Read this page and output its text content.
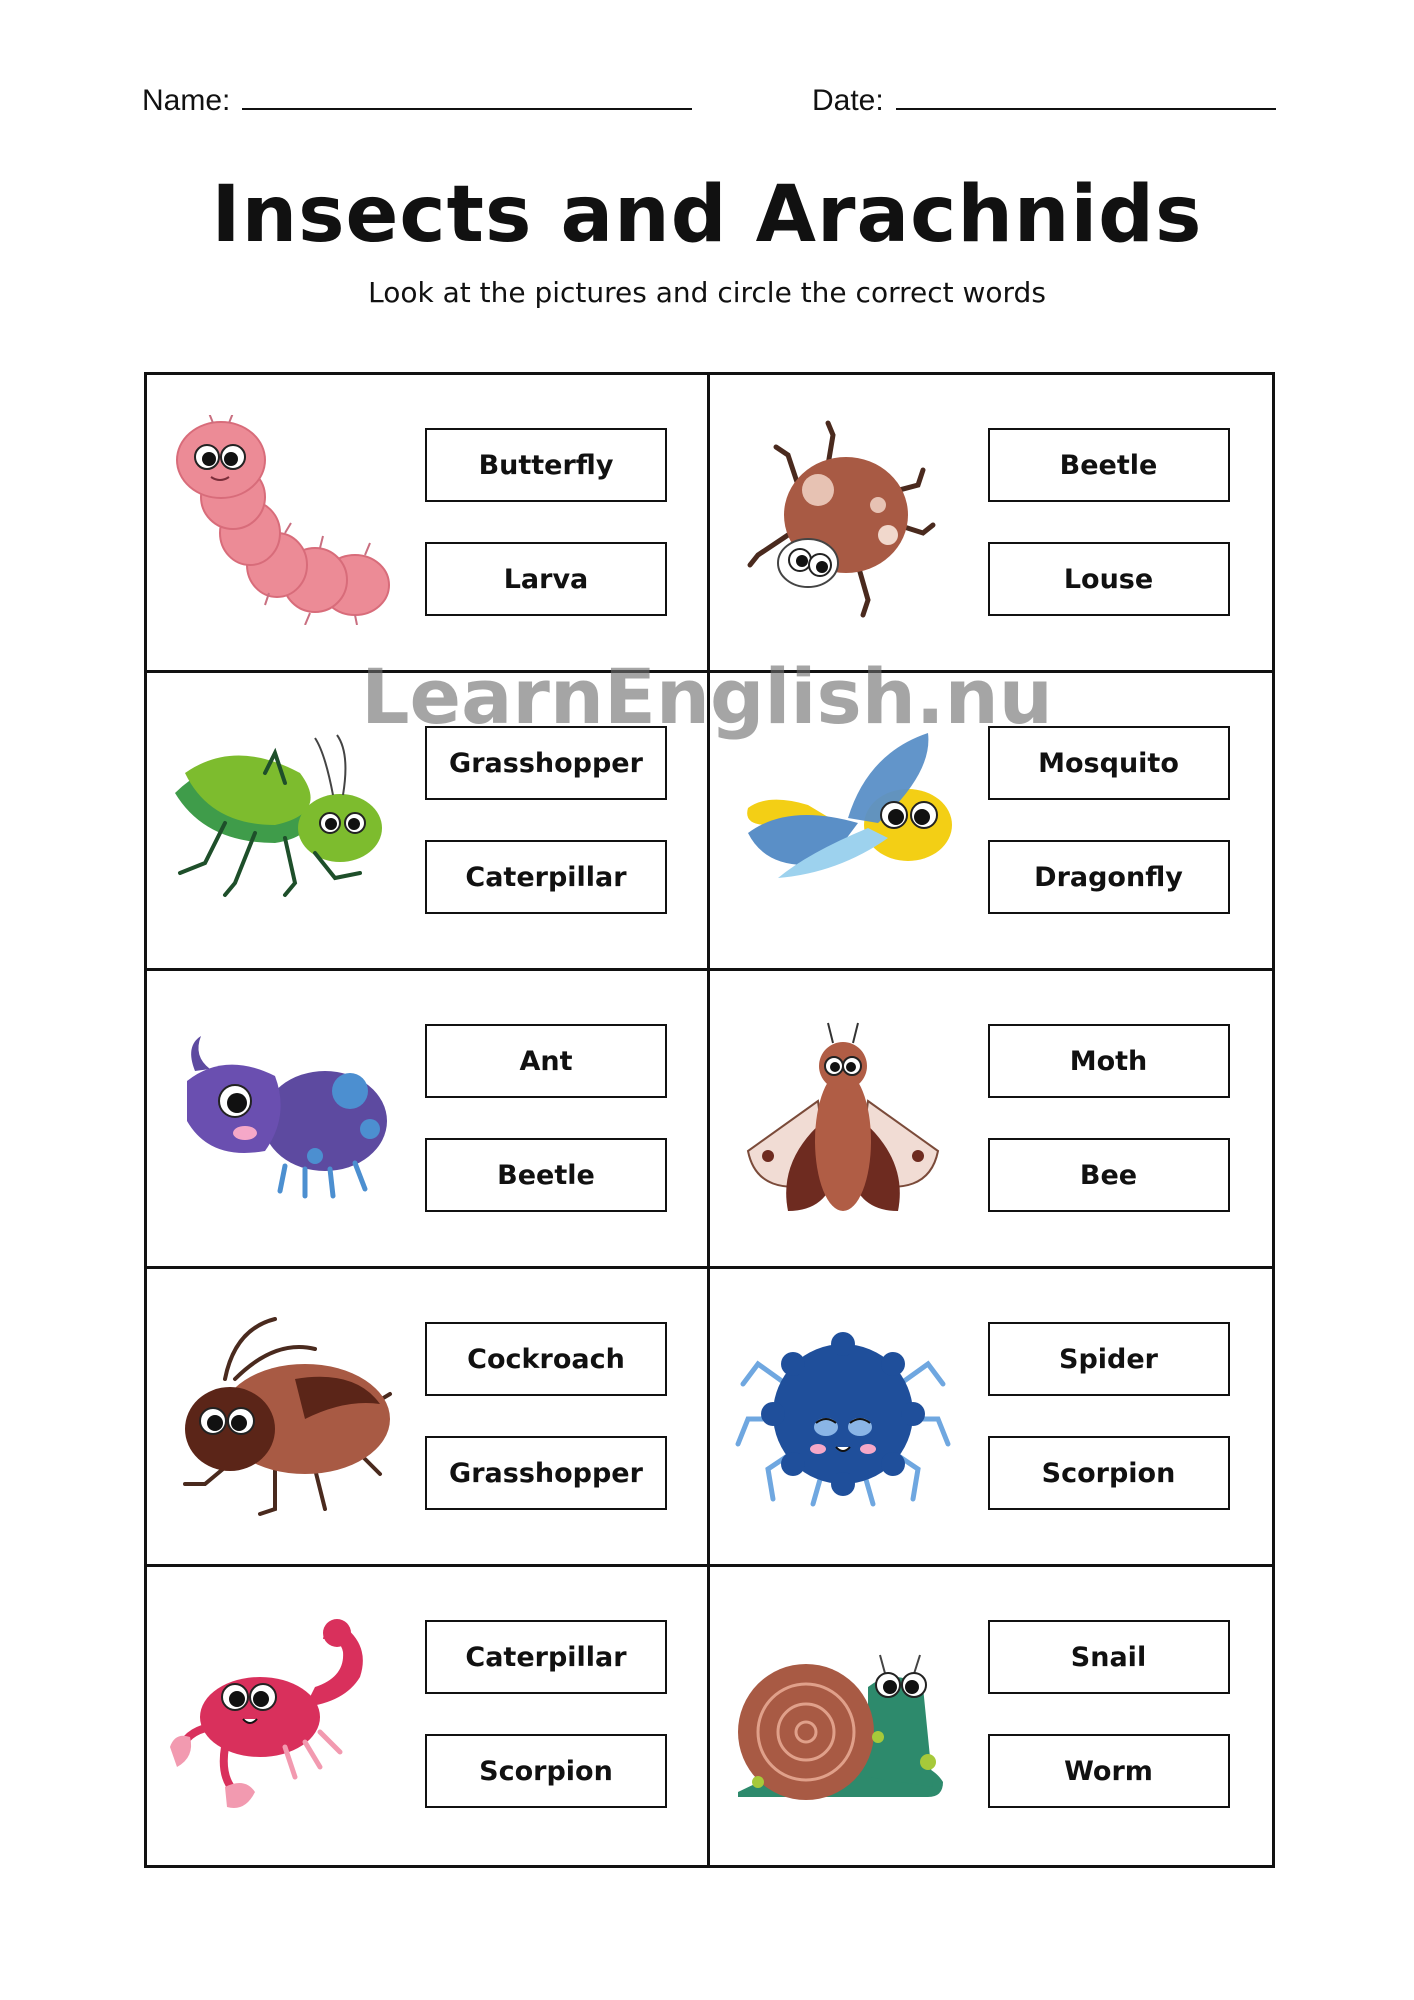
Name:	Date:
Insects and Arachnids
Look at the pictures and circle the correct words
Butterfly
Larva
Beetle
Louse
Grasshopper
Caterpillar
Mosquito
Dragonfly
Ant
Beetle
Moth
Bee
Cockroach
Grasshopper
Spider
Scorpion
Caterpillar
Scorpion
Snail
Worm
LearnEnglish.nu
